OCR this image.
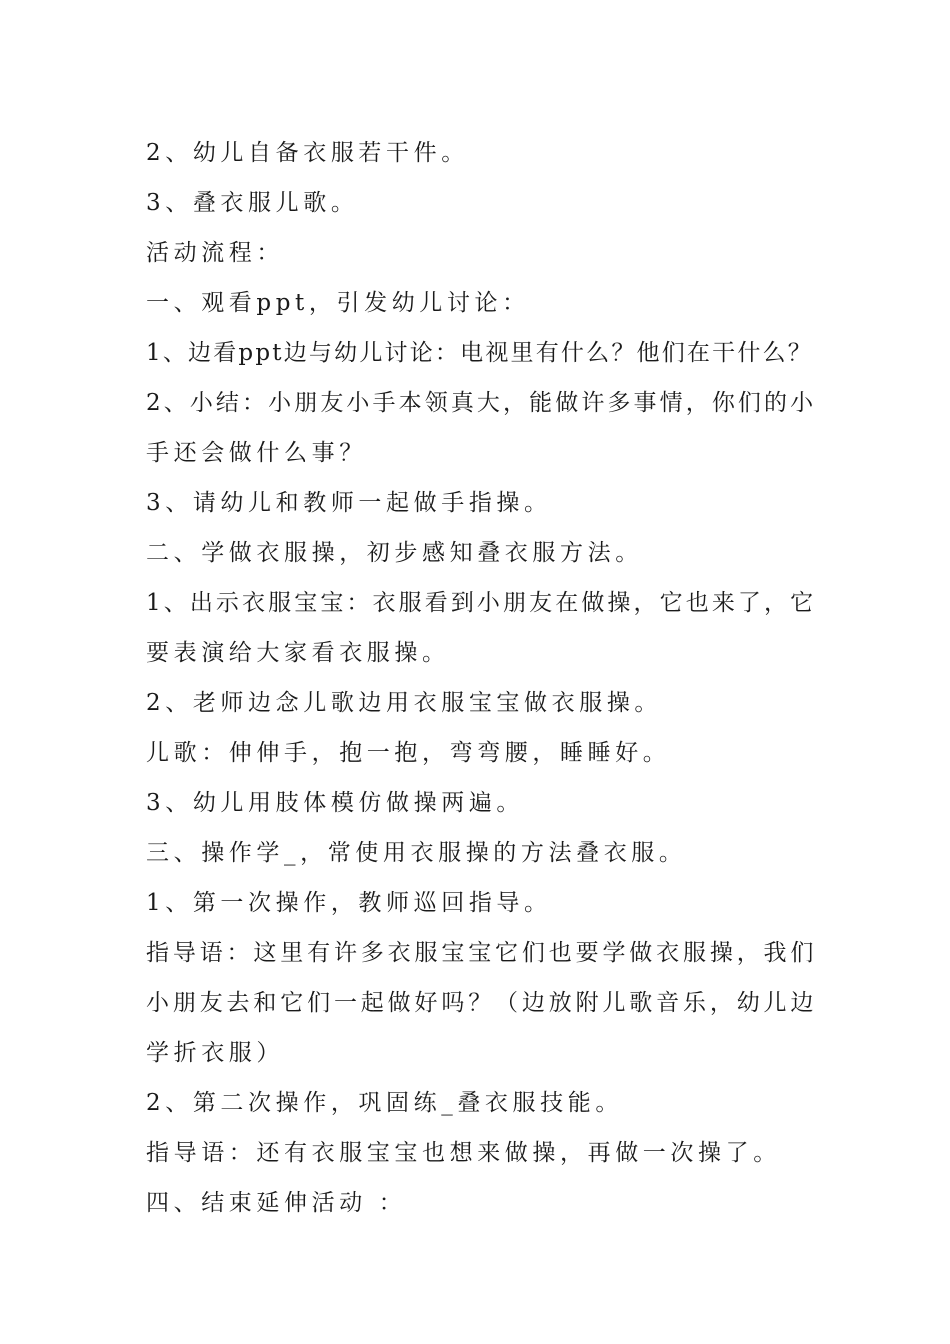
2、幼儿自备衣服若干件。
3、叠衣服儿歌。
活动流程：
一、观看ppt，引发幼儿讨论：
1、边看ppt边与幼儿讨论：电视里有什么？他们在干什么？
2、小结：小朋友小手本领真大，能做许多事情，你们的小
手还会做什么事？
3、请幼儿和教师一起做手指操。
二、学做衣服操，初步感知叠衣服方法。
1、出示衣服宝宝：衣服看到小朋友在做操，它也来了，它
要表演给大家看衣服操。
2、老师边念儿歌边用衣服宝宝做衣服操。
儿歌：伸伸手，抱一抱，弯弯腰，睡睡好。
3、幼儿用肢体模仿做操两遍。
三、操作学_，常使用衣服操的方法叠衣服。
1、第一次操作，教师巡回指导。
指导语：这里有许多衣服宝宝它们也要学做衣服操，我们
小朋友去和它们一起做好吗？（边放附儿歌音乐，幼儿边
学折衣服）
2、第二次操作，巩固练_叠衣服技能。
指导语：还有衣服宝宝也想来做操，再做一次操了。
四、结束延伸活动 ：
